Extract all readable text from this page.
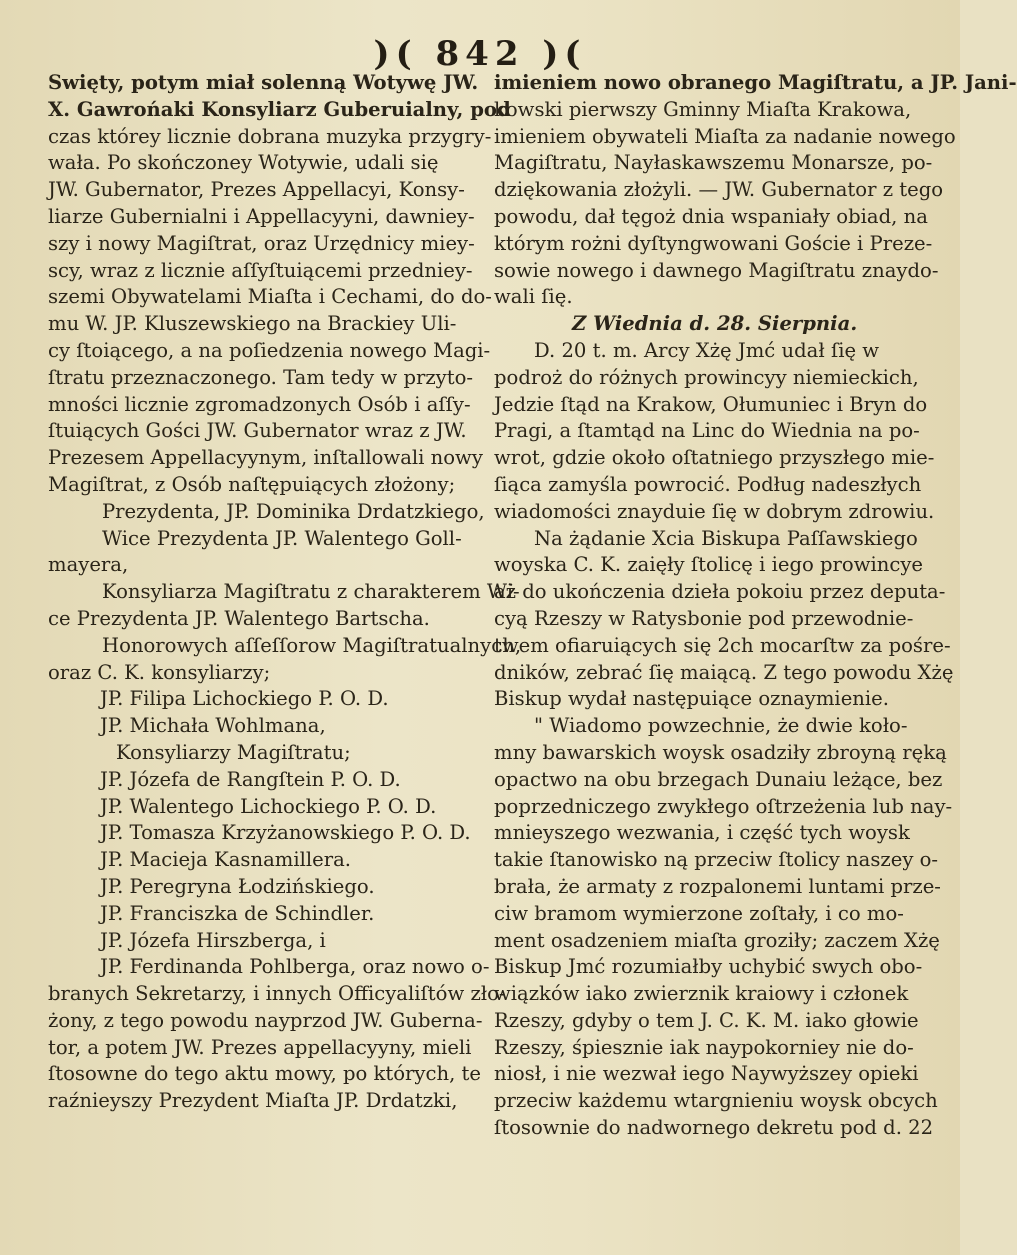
)( 842 )(
Swięty, potym miał solenną Wotywę JW.
X. Gawrońaki Konsyliarz Guberuialny, pod
czas którey licznie dobrana muzyka przygry-
wała. Po skończoney Wotywie, udali się
JW. Gubernator, Prezes Appellacyi, Konsy-
liarze Gubernialni i Appellacyyni, dawniey-
szy i nowy Magiſtrat, oraz Urzędnicy miey-
scy, wraz z licznie aſſyſtuiącemi przedniey-
szemi Obywatelami Miaſta i Cechami, do do-
mu W. JP. Kluszewskiego na Brackiey Uli-
cy ſtoiącego, a na poſiedzenia nowego Magi-
ſtratu przeznaczonego. Tam tedy w przyto-
mności licznie zgromadzonych Osób i aſſy-
ſtuiących Gości JW. Gubernator wraz z JW.
Prezesem Appellacyynym, inſtallowali nowy
Magiſtrat, z Osób naſtępuiących złożony;
Prezydenta, JP. Dominika Drdatzkiego,
Wice Prezydenta JP. Walentego Goll-
mayera,
Konsyliarza Magiſtratu z charakterem Wi-
ce Prezydenta JP. Walentego Bartscha.
Honorowych aſſeſſorow Magiſtratualnych,
oraz C. K. konsyliarzy;
JP. Filipa Lichockiego P. O. D.
JP. Michała Wohlmana,
Konsyliarzy Magiſtratu;
JP. Józefa de Rangſtein P. O. D.
JP. Walentego Lichockiego P. O. D.
JP. Tomasza Krzyżanowskiego P. O. D.
JP. Macieja Kasnamillera.
JP. Peregryna Łodzińskiego.
JP. Franciszka de Schindler.
JP. Józefa Hirszberga, i
JP. Ferdinanda Pohlberga, oraz nowo o-
branych Sekretarzy, i innych Officyaliſtów zło-
żony, z tego powodu nayprzod JW. Guberna-
tor, a potem JW. Prezes appellacyyny, mieli
ſtosowne do tego aktu mowy, po których, te
raźnieyszy Prezydent Miaſta JP. Drdatzki,
imieniem nowo obranego Magiſtratu, a JP. Jani-
kowski pierwszy Gminny Miaſta Krakowa,
imieniem obywateli Miaſta za nadanie nowego
Magiſtratu, Nayłaskawszemu Monarsze, po-
dziękowania złożyli. — JW. Gubernator z tego
powodu, dał tęgoż dnia wspaniały obiad, na
którym rożni dyſtyngwowani Goście i Preze-
sowie nowego i dawnego Magiſtratu znaydo-
wali ſię.
Z Wiednia d. 28. Sierpnia.
D. 20 t. m. Arcy Xżę Jmć udał ſię w
podroż do różnych prowincyy niemieckich,
Jedzie ſtąd na Krakow, Ołumuniec i Bryn do
Pragi, a ſtamtąd na Linc do Wiednia na po-
wrot, gdzie około oſtatniego przyszłego mie-
ſiąca zamyśla powrocić. Podług nadeszłych
wiadomości znayduie ſię w dobrym zdrowiu.
Na żądanie Xcia Biskupa Paſſawskiego
woyska C. K. zaięły ſtolicę i iego prowincye
aż do ukończenia dzieła pokoiu przez deputa-
cyą Rzeszy w Ratysbonie pod przewodnie-
twem ofiaruiących się 2ch mocarſtw za pośre-
dników, zebrać ſię maiącą. Z tego powodu Xżę
Biskup wydał następuiące oznaymienie.
" Wiadomo powzechnie, że dwie koło-
mny bawarskich woysk osadziły zbroyną ręką
opactwo na obu brzegach Dunaiu leżące, bez
poprzedniczego zwykłego oſtrzeżenia lub nay-
mnieyszego wezwania, i część tych woysk
takie ſtanowisko ną przeciw ſtolicy naszey o-
brała, że armaty z rozpalonemi luntami prze-
ciw bramom wymierzone zoſtały, i co mo-
ment osadzeniem miaſta groziły; zaczem Xżę
Biskup Jmć rozumiałby uchybić swych obo-
wiązków iako zwierznik kraiowy i członek
Rzeszy, gdyby o tem J. C. K. M. iako głowie
Rzeszy, śpiesznie iak naypokorniey nie do-
niosł, i nie wezwał iego Naywyższey opieki
przeciw każdemu wtargnieniu woysk obcych
ſtosownie do nadwornego dekretu pod d. 22
